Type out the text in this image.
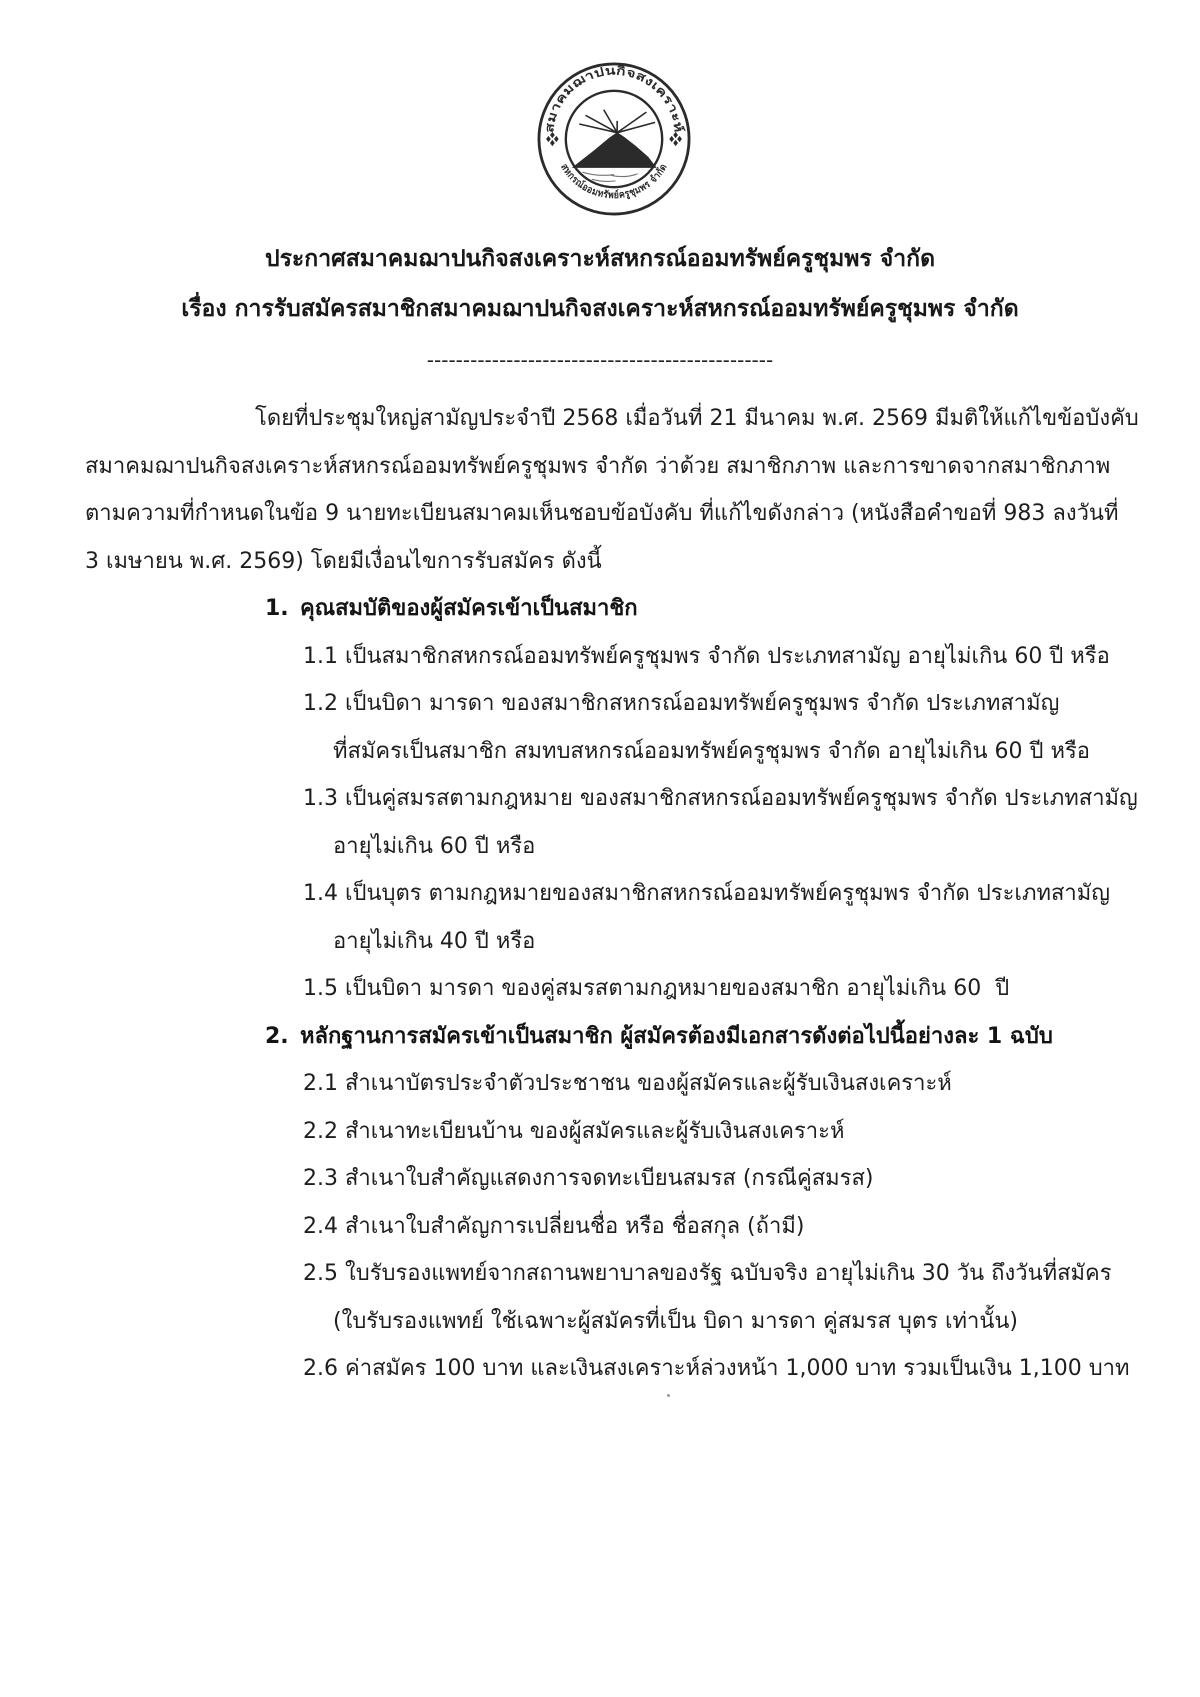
สมาคมฌาปนกิจสงเคราะห์
สหกรณ์ออมทรัพย์ครูชุมพร จำกัด
ประกาศสมาคมฌาปนกิจสงเคราะห์สหกรณ์ออมทรัพย์ครูชุมพร จำกัด
เรื่อง การรับสมัครสมาชิกสมาคมฌาปนกิจสงเคราะห์สหกรณ์ออมทรัพย์ครูชุมพร จำกัด
------------------------------------------------

โดยที่ประชุมใหญ่สามัญประจำปี 2568 เมื่อวันที่ 21 มีนาคม พ.ศ. 2569 มีมติให้แก้ไขข้อบังคับ

สมาคมฌาปนกิจสงเคราะห์สหกรณ์ออมทรัพย์ครูชุมพร จำกัด ว่าด้วย สมาชิกภาพ และการขาดจากสมาชิกภาพ

ตามความที่กำหนดในข้อ 9 นายทะเบียนสมาคมเห็นชอบข้อบังคับ ที่แก้ไขดังกล่าว (หนังสือคำขอที่ 983 ลงวันที่

3 เมษายน พ.ศ. 2569) โดยมีเงื่อนไขการรับสมัคร ดังนี้

1. คุณสมบัติของผู้สมัครเข้าเป็นสมาชิก

1.1 เป็นสมาชิกสหกรณ์ออมทรัพย์ครูชุมพร จำกัด ประเภทสามัญ อายุไม่เกิน 60 ปี หรือ

1.2 เป็นบิดา มารดา ของสมาชิกสหกรณ์ออมทรัพย์ครูชุมพร จำกัด ประเภทสามัญ

ที่สมัครเป็นสมาชิก สมทบสหกรณ์ออมทรัพย์ครูชุมพร จำกัด อายุไม่เกิน 60 ปี หรือ

1.3 เป็นคู่สมรสตามกฎหมาย ของสมาชิกสหกรณ์ออมทรัพย์ครูชุมพร จำกัด ประเภทสามัญ

อายุไม่เกิน 60 ปี หรือ

1.4 เป็นบุตร ตามกฎหมายของสมาชิกสหกรณ์ออมทรัพย์ครูชุมพร จำกัด ประเภทสามัญ

อายุไม่เกิน 40 ปี หรือ

1.5 เป็นบิดา มารดา ของคู่สมรสตามกฎหมายของสมาชิก อายุไม่เกิน 60  ปี

2. หลักฐานการสมัครเข้าเป็นสมาชิก ผู้สมัครต้องมีเอกสารดังต่อไปนี้อย่างละ 1 ฉบับ

2.1 สำเนาบัตรประจำตัวประชาชน ของผู้สมัครและผู้รับเงินสงเคราะห์

2.2 สำเนาทะเบียนบ้าน ของผู้สมัครและผู้รับเงินสงเคราะห์

2.3 สำเนาใบสำคัญแสดงการจดทะเบียนสมรส (กรณีคู่สมรส)

2.4 สำเนาใบสำคัญการเปลี่ยนชื่อ หรือ ชื่อสกุล (ถ้ามี)

2.5 ใบรับรองแพทย์จากสถานพยาบาลของรัฐ ฉบับจริง อายุไม่เกิน 30 วัน ถึงวันที่สมัคร

(ใบรับรองแพทย์ ใช้เฉพาะผู้สมัครที่เป็น บิดา มารดา คู่สมรส บุตร เท่านั้น)

2.6 ค่าสมัคร 100 บาท และเงินสงเคราะห์ล่วงหน้า 1,000 บาท รวมเป็นเงิน 1,100 บาท
